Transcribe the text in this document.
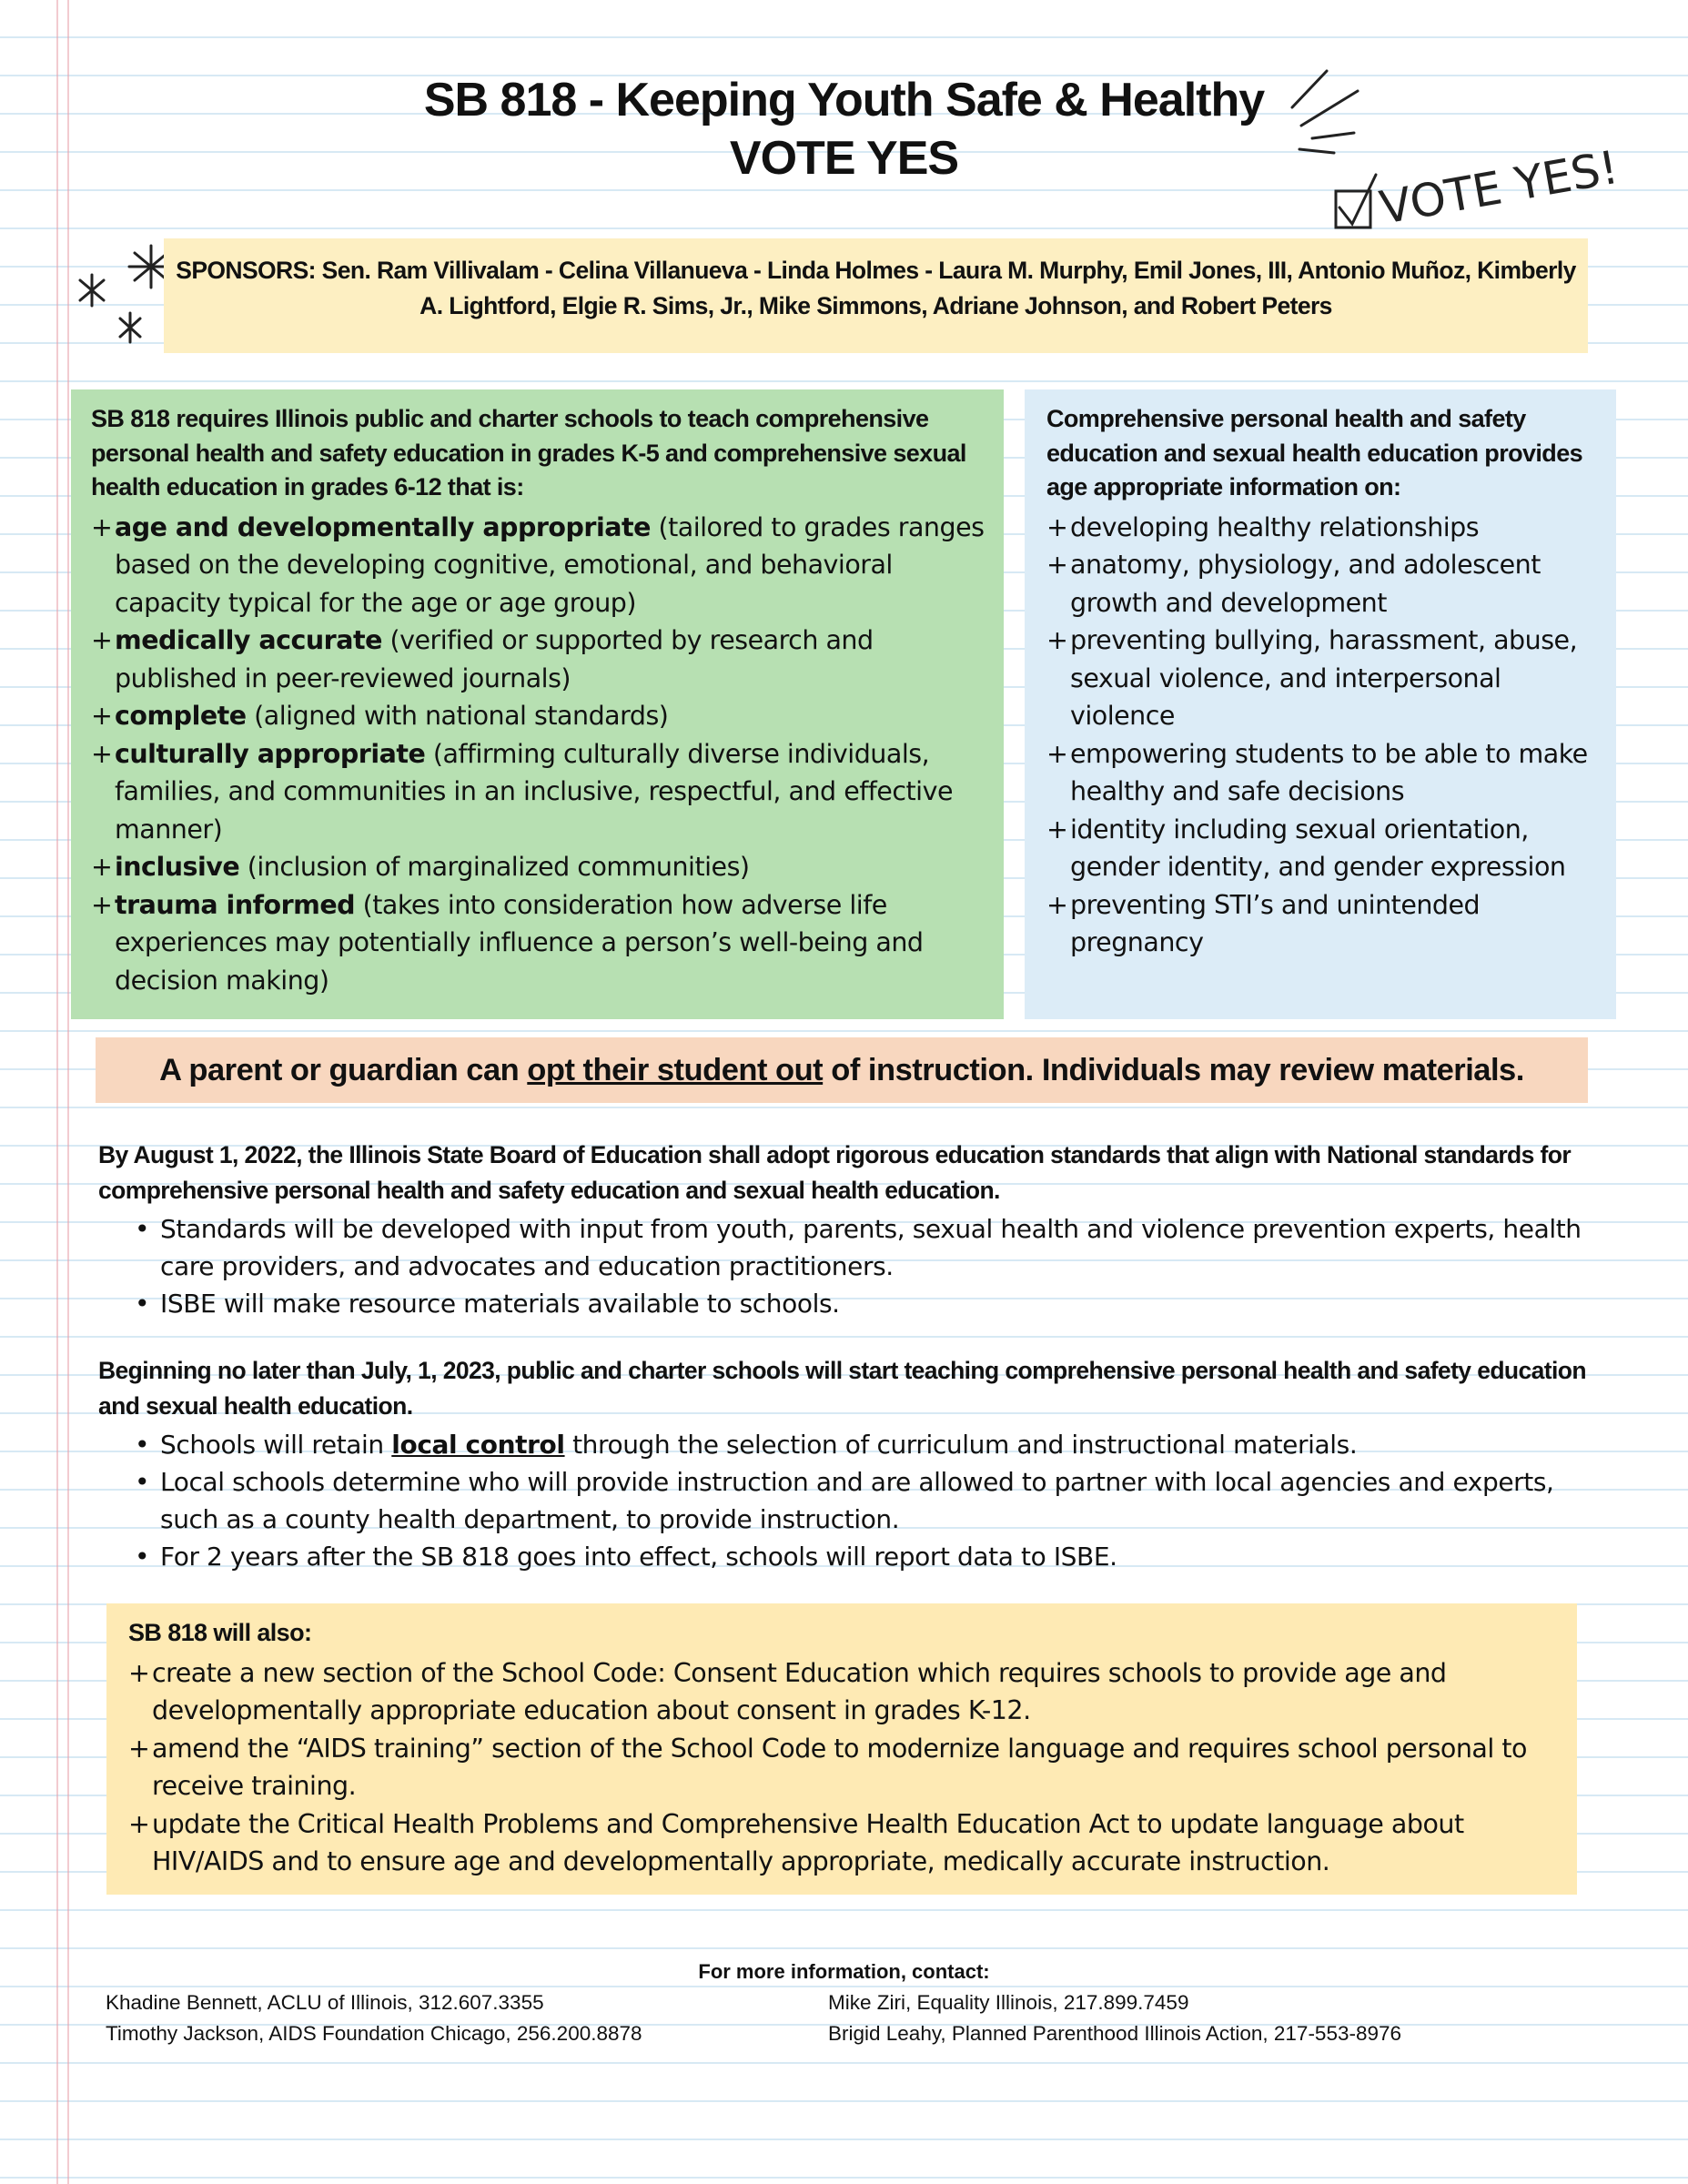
SB 818 - Keeping Youth Safe & Healthy
VOTE YES	VOTE YES!

SPONSORS: Sen. Ram Villivalam - Celina Villanueva - Linda Holmes - Laura M. Murphy, Emil Jones, III, Antonio Muñoz, Kimberly A. Lightford, Elgie R. Sims, Jr., Mike Simmons, Adriane Johnson, and Robert Peters

SB 818 requires Illinois public and charter schools to teach comprehensive personal health and safety education in grades K-5 and comprehensive sexual health education in grades 6-12 that is:

+ age and developmentally appropriate (tailored to grades ranges based on the developing cognitive, emotional, and behavioral capacity typical for the age or age group)
+ medically accurate (verified or supported by research and published in peer-reviewed journals)
+ complete (aligned with national standards)
+ culturally appropriate (affirming culturally diverse individuals, families, and communities in an inclusive, respectful, and effective manner)
+ inclusive (inclusion of marginalized communities)
+ trauma informed (takes into consideration how adverse life experiences may potentially influence a person’s well-being and decision making)

Comprehensive personal health and safety education and sexual health education provides age appropriate information on:

+ developing healthy relationships
+ anatomy, physiology, and adolescent growth and development
+ preventing bullying, harassment, abuse, sexual violence, and interpersonal violence
+ empowering students to be able to make healthy and safe decisions
+ identity including sexual orientation, gender identity, and gender expression
+ preventing STI’s and unintended pregnancy
A parent or guardian can opt their student out of instruction. Individuals may review materials.

By August 1, 2022, the Illinois State Board of Education shall adopt rigorous education standards that align with National standards for comprehensive personal health and safety education and sexual health education.

• Standards will be developed with input from youth, parents, sexual health and violence prevention experts, health care providers, and advocates and education practitioners.
• ISBE will make resource materials available to schools.

Beginning no later than July, 1, 2023, public and charter schools will start teaching comprehensive personal health and safety education and sexual health education.

• Schools will retain local control through the selection of curriculum and instructional materials.
• Local schools determine who will provide instruction and are allowed to partner with local agencies and experts, such as a county health department, to provide instruction.
• For 2 years after the SB 818 goes into effect, schools will report data to ISBE.

SB 818 will also:

+ create a new section of the School Code: Consent Education which requires schools to provide age and developmentally appropriate education about consent in grades K-12.
+ amend the “AIDS training” section of the School Code to modernize language and requires school personal to receive training.
+ update the Critical Health Problems and Comprehensive Health Education Act to update language about HIV/AIDS and to ensure age and developmentally appropriate, medically accurate instruction.
For more information, contact:
Khadine Bennett, ACLU of Illinois, 312.607.3355
Timothy Jackson, AIDS Foundation Chicago, 256.200.8878
Mike Ziri, Equality Illinois, 217.899.7459
Brigid Leahy, Planned Parenthood Illinois Action, 217-553-8976
